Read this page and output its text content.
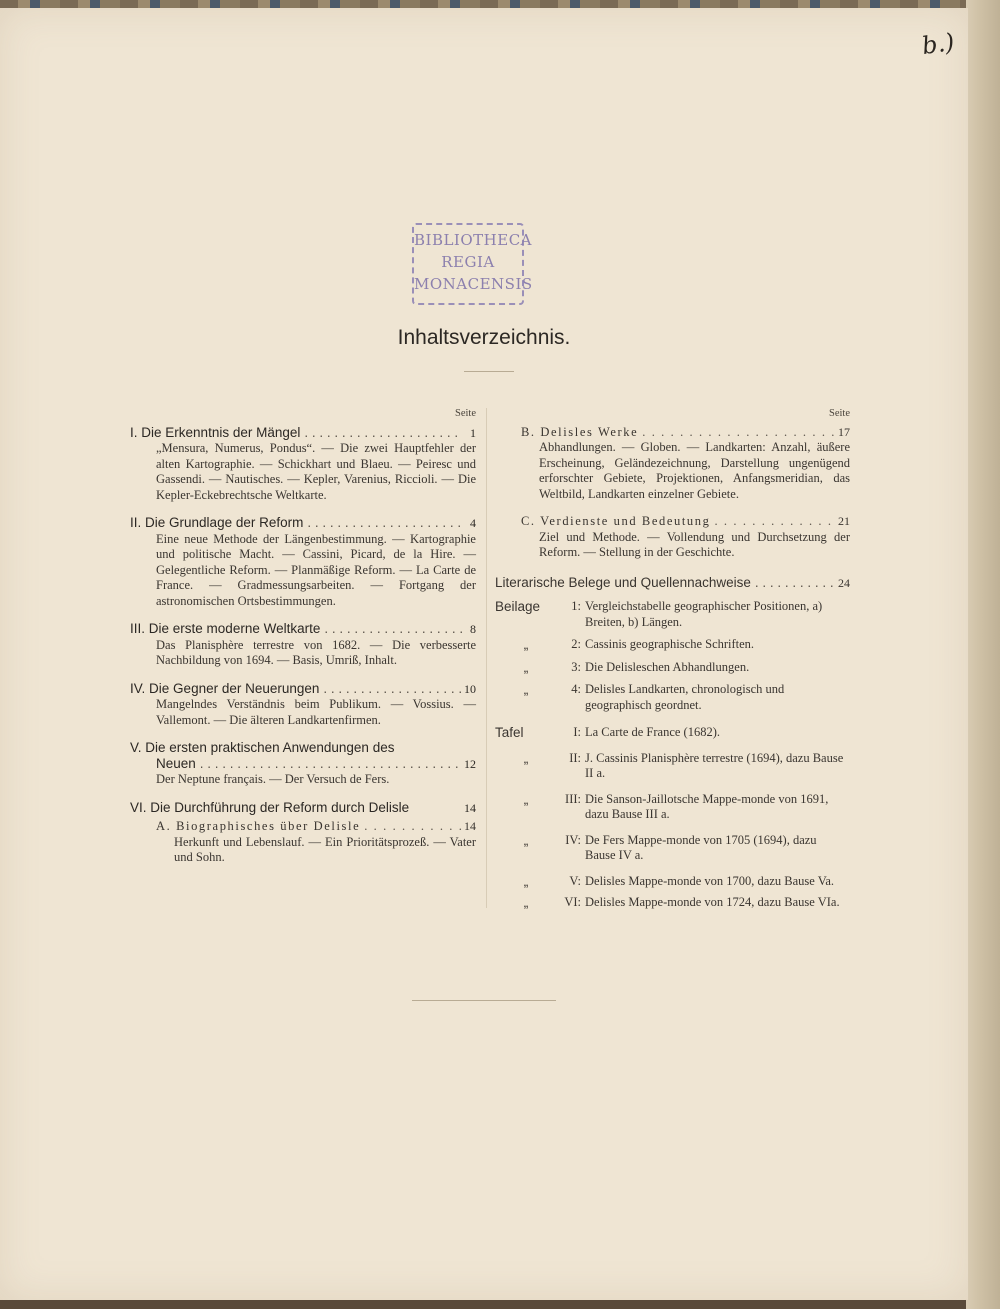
b.)
BIBLIOTHECA
REGIA
MONACENSIS
Inhaltsverzeichnis.
Seite
I. Die Erkenntnis der Mängel . . .	1
„Mensura, Numerus, Pondus“. — Die zwei Hauptfehler der alten Kartographie. — Schickhart und Blaeu. — Peiresc und Gassendi. — Nautisches. — Kepler, Varenius, Riccioli. — Die Kepler-Eckebrechtsche Weltkarte.
II. Die Grundlage der Reform . . .	4
Eine neue Methode der Längenbestimmung. — Kartographie und politische Macht. — Cassini, Picard, de la Hire. — Gelegentliche Reform. — Planmäßige Reform. — La Carte de France. — Gradmessungsarbeiten. — Fortgang der astronomischen Ortsbestimmungen.
III. Die erste moderne Weltkarte . . .	8
Das Planisphère terrestre von 1682. — Die verbesserte Nachbildung von 1694. — Basis, Umriß, Inhalt.
IV. Die Gegner der Neuerungen . . .	10
Mangelndes Verständnis beim Publikum. — Vossius. — Vallemont. — Die älteren Landkartenfirmen.
V. Die ersten praktischen Anwendungen des
Neuen . . .	12
Der Neptune français. — Der Versuch de Fers.
VI. Die Durchführung der Reform durch Delisle	14
A. Biographisches über Delisle . . .	14
Herkunft und Lebenslauf. — Ein Prioritätsprozeß. — Vater und Sohn.
Seite
B. Delisles Werke . . .	17
Abhandlungen. — Globen. — Landkarten: Anzahl, äußere Erscheinung, Geländezeichnung, Darstellung ungenügend erforschter Gebiete, Projektionen, Anfangsmeridian, das Weltbild, Landkarten einzelner Gebiete.
C. Verdienste und Bedeutung . . .	21
Ziel und Methode. — Vollendung und Durchsetzung der Reform. — Stellung in der Geschichte.
Literarische Belege und Quellennachweise . . .	24
Beilage	1: Vergleichstabelle geographischer Positionen, a) Breiten, b) Längen.
„	2: Cassinis geographische Schriften.
„	3: Die Delisleschen Abhandlungen.
„	4: Delisles Landkarten, chronologisch und geographisch geordnet.
Tafel	I: La Carte de France (1682).
„	II: J. Cassinis Planisphère terrestre (1694), dazu Bause II a.
„	III: Die Sanson-Jaillotsche Mappe-monde von 1691, dazu Bause III a.
„	IV: De Fers Mappe-monde von 1705 (1694), dazu Bause IV a.
„	V: Delisles Mappe-monde von 1700, dazu Bause Va.
„	VI: Delisles Mappe-monde von 1724, dazu Bause VIa.
